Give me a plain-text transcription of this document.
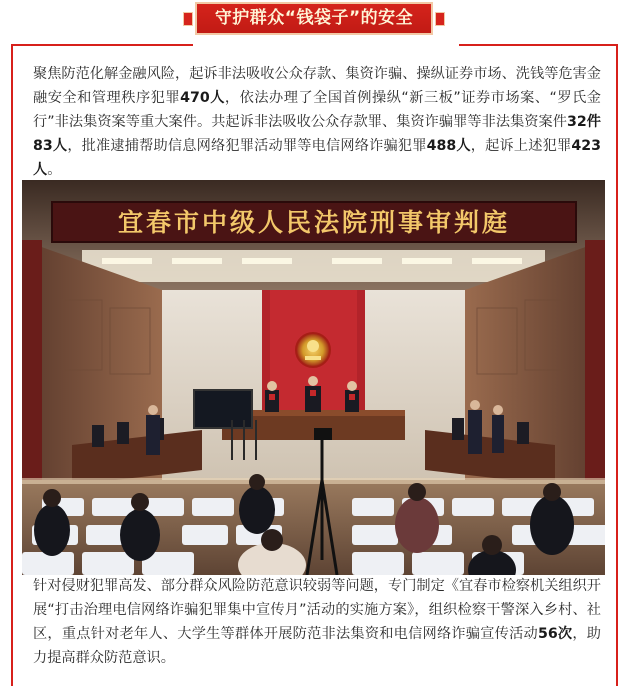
守护群众“钱袋子”的安全

聚焦防范化解金融风险，起诉非法吸收公众存款、集资诈骗、操纵证券市场、洗钱等危害金融安全和管理秩序犯罪470人，依法办理了全国首例操纵“新三板”证券市场案、“罗氏金行”非法集资案等重大案件。共起诉非法吸收公众存款罪、集资诈骗罪等非法集资案件32件83人，批准逮捕帮助信息网络犯罪活动罪等电信网络诈骗犯罪488人，起诉上述犯罪423人。

针对侵财犯罪高发、部分群众风险防范意识较弱等问题，专门制定《宜春市检察机关组织开展“打击治理电信网络诈骗犯罪集中宣传月”活动的实施方案》，组织检察干警深入乡村、社区，重点针对老年人、大学生等群体开展防范非法集资和电信网络诈骗宣传活动56次，助力提高群众防范意识。

宜春市中级人民法院刑事审判庭
